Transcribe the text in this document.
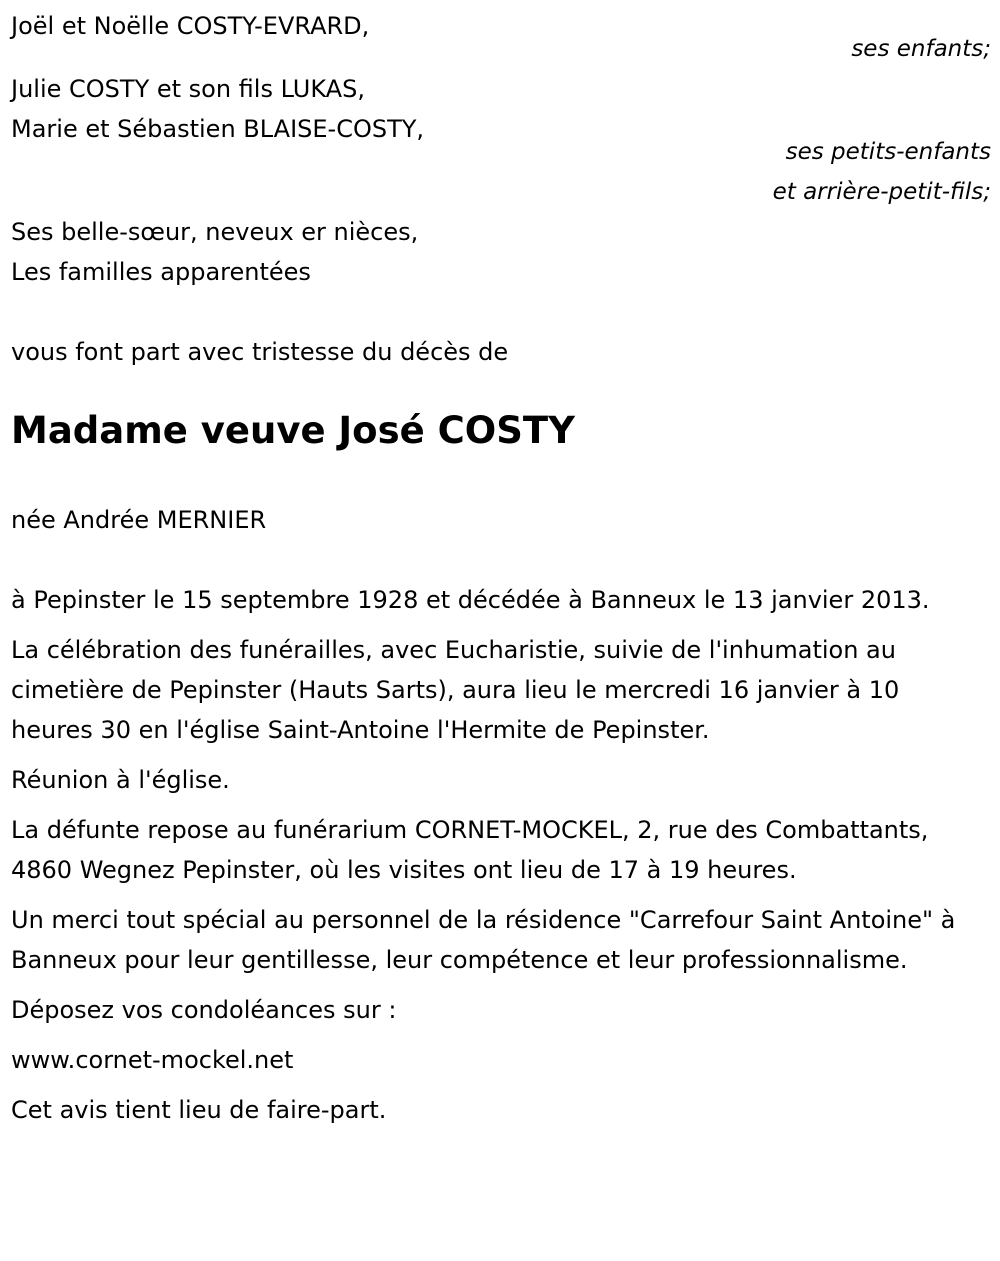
Joël et Noëlle COSTY-EVRARD,

ses enfants;

Julie COSTY et son fils LUKAS,

Marie et Sébastien BLAISE-COSTY,

ses petits-enfants

et arrière-petit-fils;

Ses belle-sœur, neveux er nièces,

Les familles apparentées

vous font part avec tristesse du décès de

Madame veuve José COSTY

née Andrée MERNIER

à Pepinster le 15 septembre 1928 et décédée à Banneux le 13 janvier 2013.

La célébration des funérailles, avec Eucharistie, suivie de l'inhumation au cimetière de Pepinster (Hauts Sarts), aura lieu le mercredi 16 janvier à 10 heures 30 en l'église Saint-Antoine l'Hermite de Pepinster.

Réunion à l'église.

La défunte repose au funérarium CORNET-MOCKEL, 2, rue des Combattants, 4860 Wegnez Pepinster, où les visites ont lieu de 17 à 19 heures.

Un merci tout spécial au personnel de la résidence "Carrefour Saint Antoine" à Banneux pour leur gentillesse, leur compétence et leur professionnalisme.

Déposez vos condoléances sur :

www.cornet-mockel.net

Cet avis tient lieu de faire-part.
